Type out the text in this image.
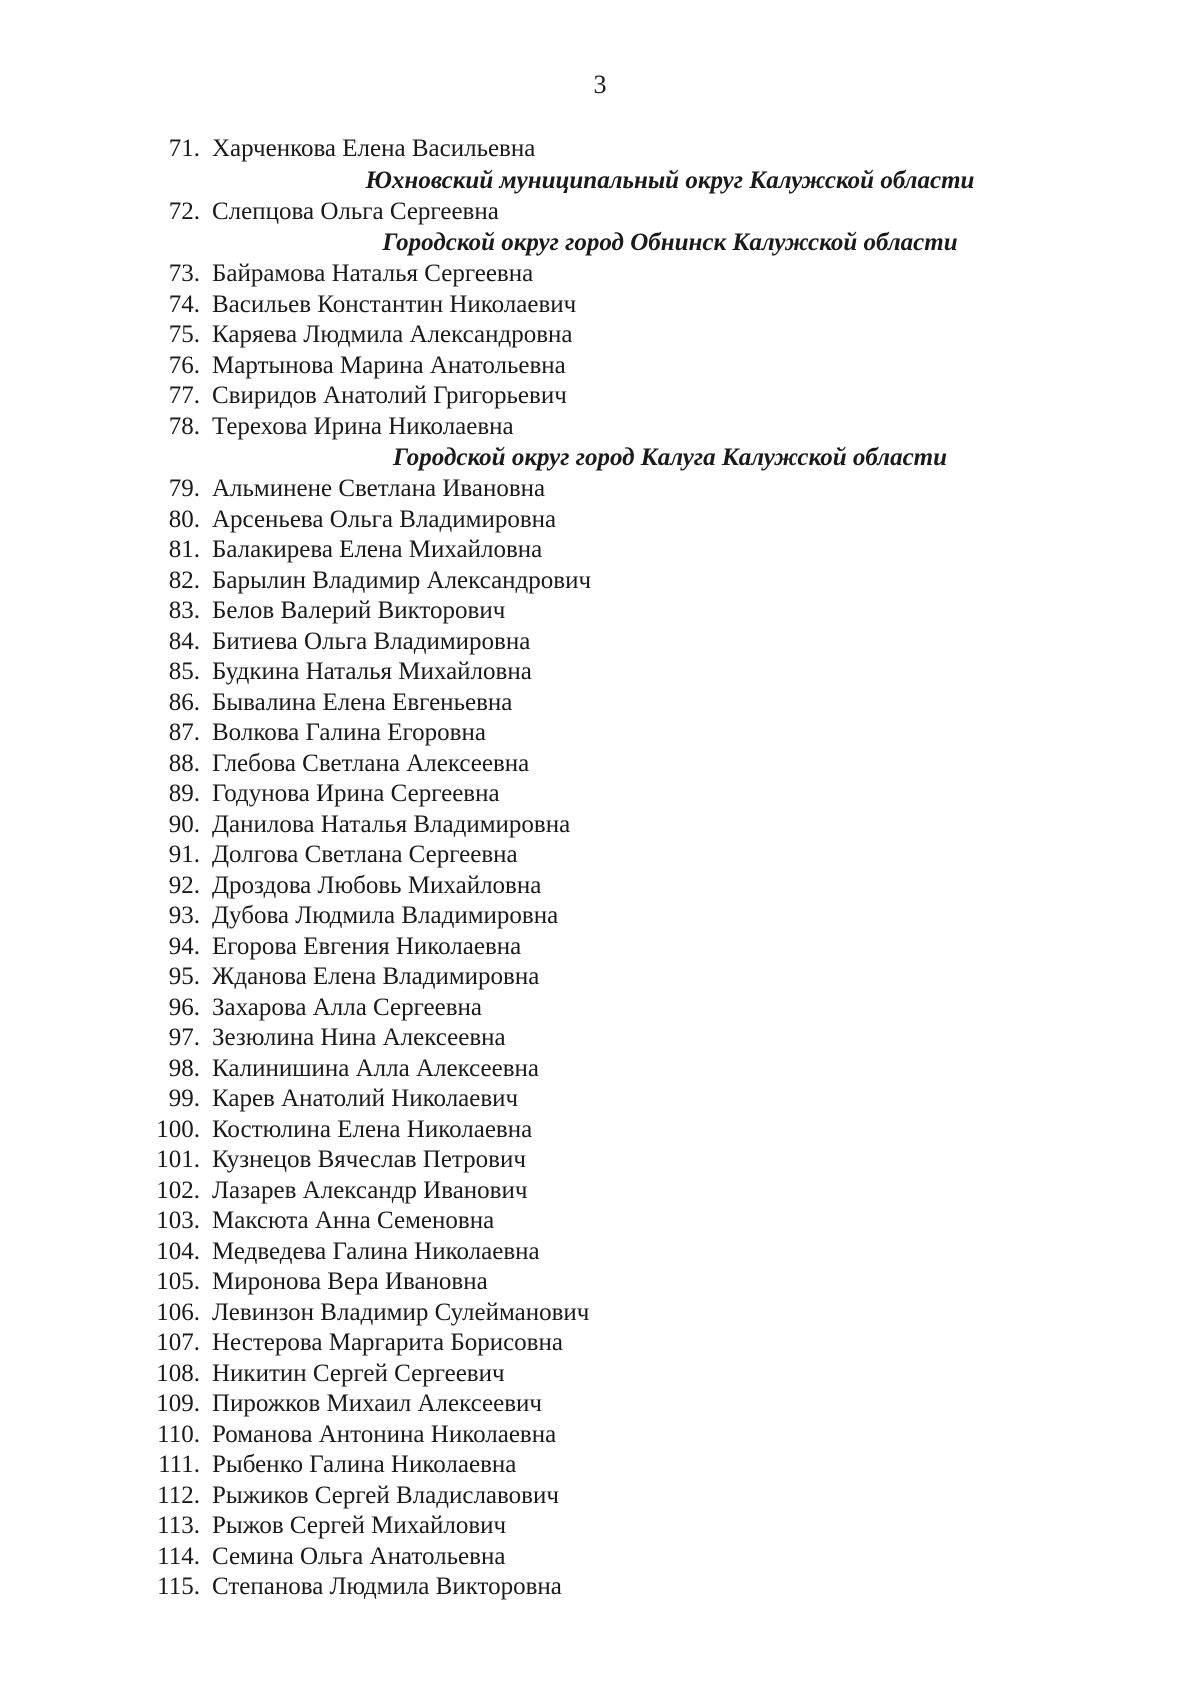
3
71. Харченкова Елена Васильевна
Юхновский муниципальный округ Калужской области
72. Слепцова Ольга Сергеевна
Городской округ город Обнинск Калужской области
73. Байрамова Наталья Сергеевна
74. Васильев Константин Николаевич
75. Каряева Людмила Александровна
76. Мартынова Марина Анатольевна
77. Свиридов Анатолий Григорьевич
78. Терехова Ирина Николаевна
Городской округ город Калуга Калужской области
79. Альминене Светлана Ивановна
80. Арсеньева Ольга Владимировна
81. Балакирева Елена Михайловна
82. Барылин Владимир Александрович
83. Белов Валерий Викторович
84. Битиева Ольга Владимировна
85. Будкина Наталья Михайловна
86. Бывалина Елена Евгеньевна
87. Волкова Галина Егоровна
88. Глебова Светлана Алексеевна
89. Годунова Ирина Сергеевна
90. Данилова Наталья Владимировна
91. Долгова Светлана Сергеевна
92. Дроздова Любовь Михайловна
93. Дубова Людмила Владимировна
94. Егорова Евгения Николаевна
95. Жданова Елена Владимировна
96. Захарова Алла Сергеевна
97. Зезюлина Нина Алексеевна
98. Калинишина Алла Алексеевна
99. Карев Анатолий Николаевич
100. Костюлина Елена Николаевна
101. Кузнецов Вячеслав Петрович
102. Лазарев Александр Иванович
103. Максюта Анна Семеновна
104. Медведева Галина Николаевна
105. Миронова Вера Ивановна
106. Левинзон Владимир Сулейманович
107. Нестерова Маргарита Борисовна
108. Никитин Сергей Сергеевич
109. Пирожков Михаил Алексеевич
110. Романова Антонина Николаевна
111. Рыбенко Галина Николаевна
112. Рыжиков Сергей Владиславович
113. Рыжов Сергей Михайлович
114. Семина Ольга Анатольевна
115. Степанова Людмила Викторовна
